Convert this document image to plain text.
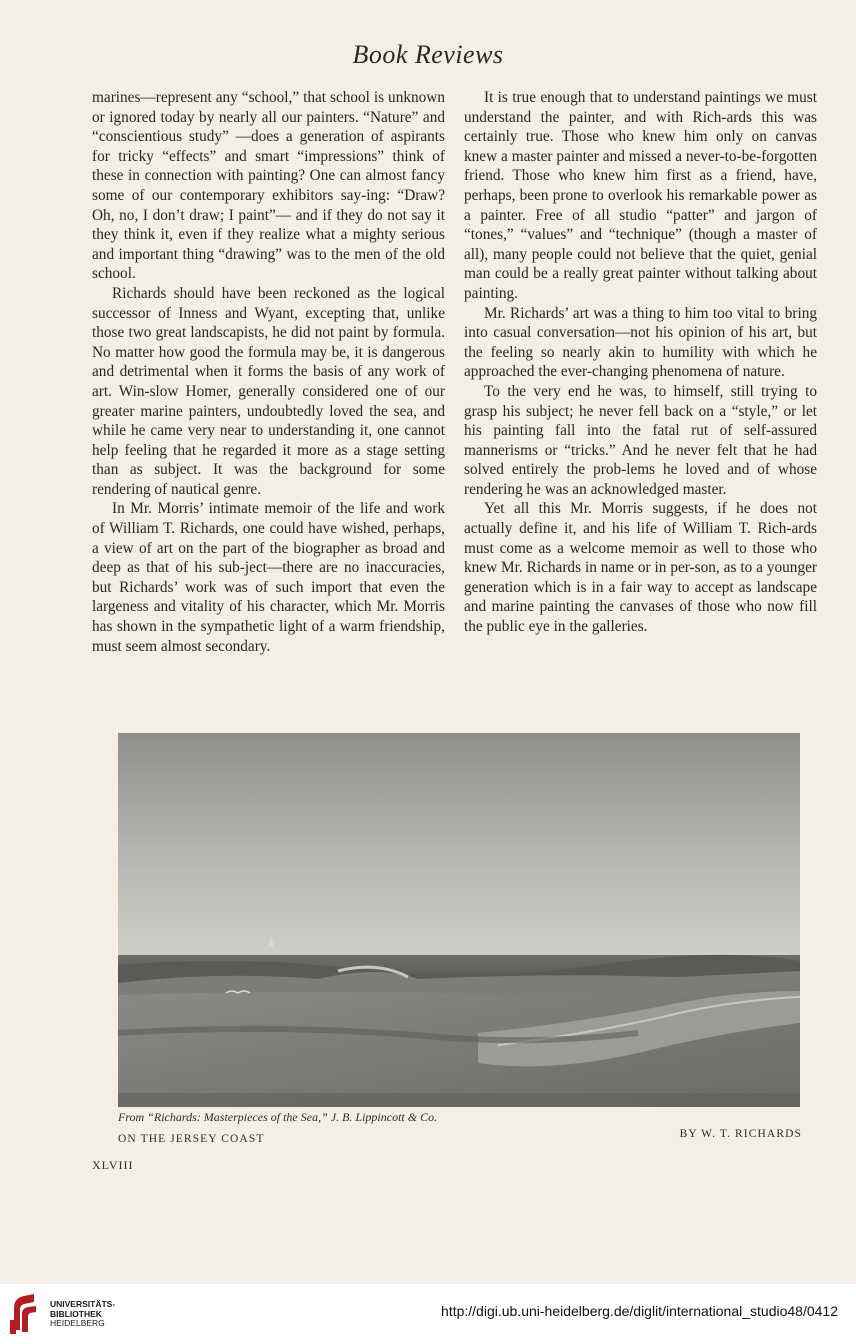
Book Reviews

marines—represent any “school,” that school is unknown or ignored today by nearly all our painters. “Nature” and “conscientious study” —does a generation of aspirants for tricky “effects” and smart “impressions” think of these in connection with painting? One can almost fancy some of our contemporary exhibitors say-ing: “Draw? Oh, no, I don’t draw; I paint”— and if they do not say it they think it, even if they realize what a mighty serious and important thing “drawing” was to the men of the old school.

Richards should have been reckoned as the logical successor of Inness and Wyant, excepting that, unlike those two great landscapists, he did not paint by formula. No matter how good the formula may be, it is dangerous and detrimental when it forms the basis of any work of art. Win-slow Homer, generally considered one of our greater marine painters, undoubtedly loved the sea, and while he came very near to understanding it, one cannot help feeling that he regarded it more as a stage setting than as subject. It was the background for some rendering of nautical genre.

In Mr. Morris’ intimate memoir of the life and work of William T. Richards, one could have wished, perhaps, a view of art on the part of the biographer as broad and deep as that of his sub-ject—there are no inaccuracies, but Richards’ work was of such import that even the largeness and vitality of his character, which Mr. Morris has shown in the sympathetic light of a warm friendship, must seem almost secondary.

It is true enough that to understand paintings we must understand the painter, and with Rich-ards this was certainly true. Those who knew him only on canvas knew a master painter and missed a never-to-be-forgotten friend. Those who knew him first as a friend, have, perhaps, been prone to overlook his remarkable power as a painter. Free of all studio “patter” and jargon of “tones,” “values” and “technique” (though a master of all), many people could not believe that the quiet, genial man could be a really great painter without talking about painting.

Mr. Richards’ art was a thing to him too vital to bring into casual conversation—not his opinion of his art, but the feeling so nearly akin to humility with which he approached the ever-changing phenomena of nature.

To the very end he was, to himself, still trying to grasp his subject; he never fell back on a “style,” or let his painting fall into the fatal rut of self-assured mannerisms or “tricks.” And he never felt that he had solved entirely the prob-lems he loved and of whose rendering he was an acknowledged master.

Yet all this Mr. Morris suggests, if he does not actually define it, and his life of William T. Rich-ards must come as a welcome memoir as well to those who knew Mr. Richards in name or in per-son, as to a younger generation which is in a fair way to accept as landscape and marine painting the canvases of those who now fill the public eye in the galleries.

From “Richards: Masterpieces of the Sea,” J. B. Lippincott & Co.
ON THE JERSEY COAST	BY W. T. RICHARDS
XLVIII
UNIVERSITÄTS-
BIBLIOTHEK
HEIDELBERG
http://digi.ub.uni-heidelberg.de/diglit/international_studio48/0412
